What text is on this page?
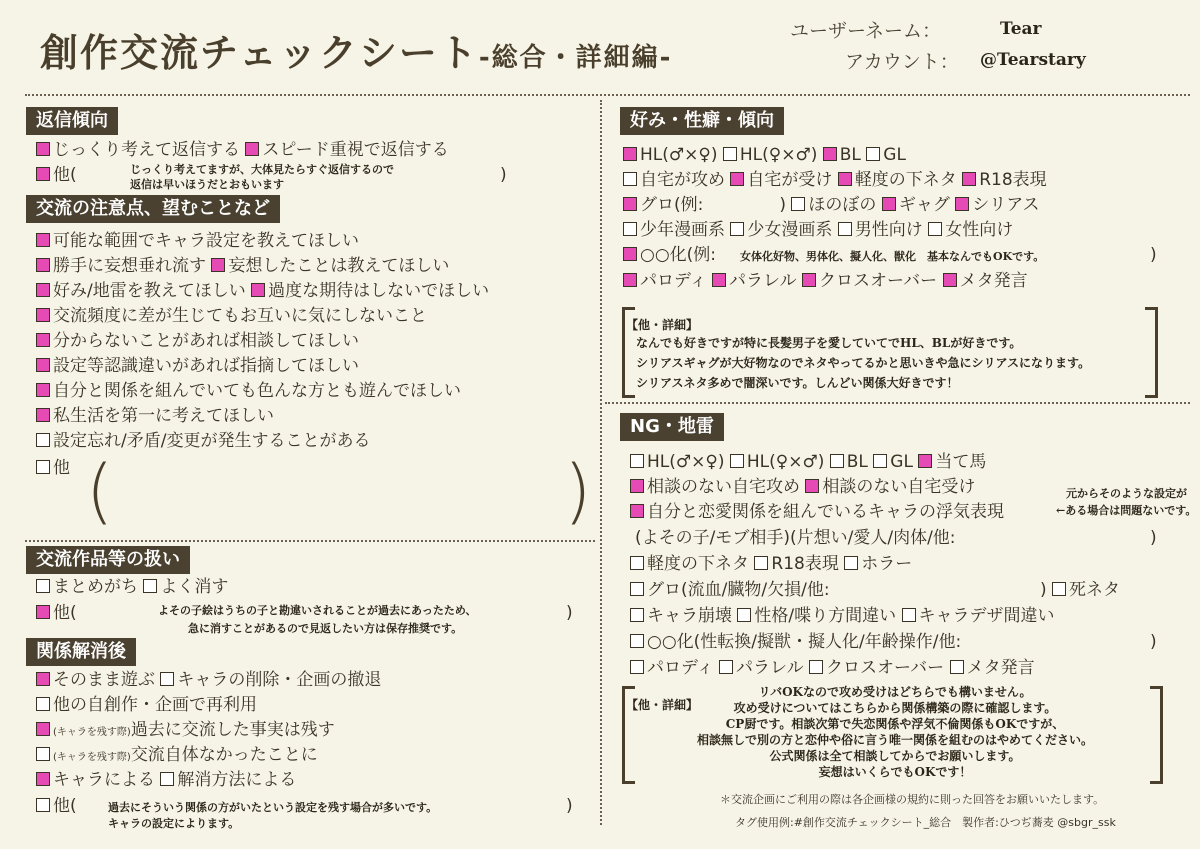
創作交流チェックシート-総合・詳細編-
ユーザーネーム：	Tear
アカウント： @Tearstary
返信傾向
じっくり考えて返信する スピード重視で返信する
他(	じっくり考えてますが、大体見たらすぐ返信するので
返信は早いほうだとおもいます	)
交流の注意点、望むことなど
可能な範囲でキャラ設定を教えてほしい
勝手に妄想垂れ流す 妄想したことは教えてほしい
好み/地雷を教えてほしい 過度な期待はしないでほしい
交流頻度に差が生じてもお互いに気にしないこと
分からないことがあれば相談してほしい
設定等認識違いがあれば指摘してほしい
自分と関係を組んでいても色んな方とも遊んでほしい
私生活を第一に考えてほしい
設定忘れ/矛盾/変更が発生することがある
他 (	)
交流作品等の扱い
まとめがち よく消す
他(	よその子絵はうちの子と勘違いされることが過去にあったため、
急に消すことがあるので見返したい方は保存推奨です。
)
関係解消後
そのまま遊ぶ キャラの削除・企画の撤退
他の自創作・企画で再利用
(キャラを残す際)過去に交流した事実は残す
(キャラを残す際)交流自体なかったことに
キャラによる 解消方法による
他(	過去にそういう関係の方がいたという設定を残す場合が多いです。
キャラの設定によります。
)
好み・性癖・傾向
HL(♂×♀) HL(♀×♂) BL GL
自宅が攻め 自宅が受け 軽度の下ネタ R18表現
グロ(例:	) ほのぼの ギャグ シリアス
少年漫画系 少女漫画系 男性向け 女性向け
○○化(例: 女体化好物、男体化、擬人化、獣化　基本なんでもOKです。	)
パロディ パラレル クロスオーバー メタ発言
【他・詳細】
なんでも好きですが特に長髪男子を愛していてでHL、BLが好きです。
シリアスギャグが大好物なのでネタやってるかと思いきや急にシリアスになります。
シリアスネタ多めで闇深いです。しんどい関係大好きです！
NG・地雷
HL(♂×♀) HL(♀×♂) BL GL 当て馬
相談のない自宅攻め 相談のない自宅受け	元からそのような設定が
←ある場合は問題ないです。
自分と恋愛関係を組んでいるキャラの浮気表現
(よその子/モブ相手)(片想い/愛人/肉体/他:	)
軽度の下ネタ R18表現 ホラー
グロ(流血/臓物/欠損/他:	) 死ネタ
キャラ崩壊 性格/喋り方間違い キャラデザ間違い
○○化(性転換/擬獣・擬人化/年齢操作/他:	)
パロディ パラレル クロスオーバー メタ発言
【他・詳細】
リバOKなので攻め受けはどちらでも構いません。
攻め受けについてはこちらから関係構築の際に確認します。
CP厨です。相談次第で失恋関係や浮気不倫関係もOKですが、
相談無しで別の方と恋仲や俗に言う唯一関係を組むのはやめてください。
公式関係は全て相談してからでお願いします。
妄想はいくらでもOKです！
＊交流企画にご利用の際は各企画様の規約に則った回答をお願いいたします。
タグ使用例:#創作交流チェックシート_総合　製作者:ひつぢ蕎麦 @sbgr_ssk
